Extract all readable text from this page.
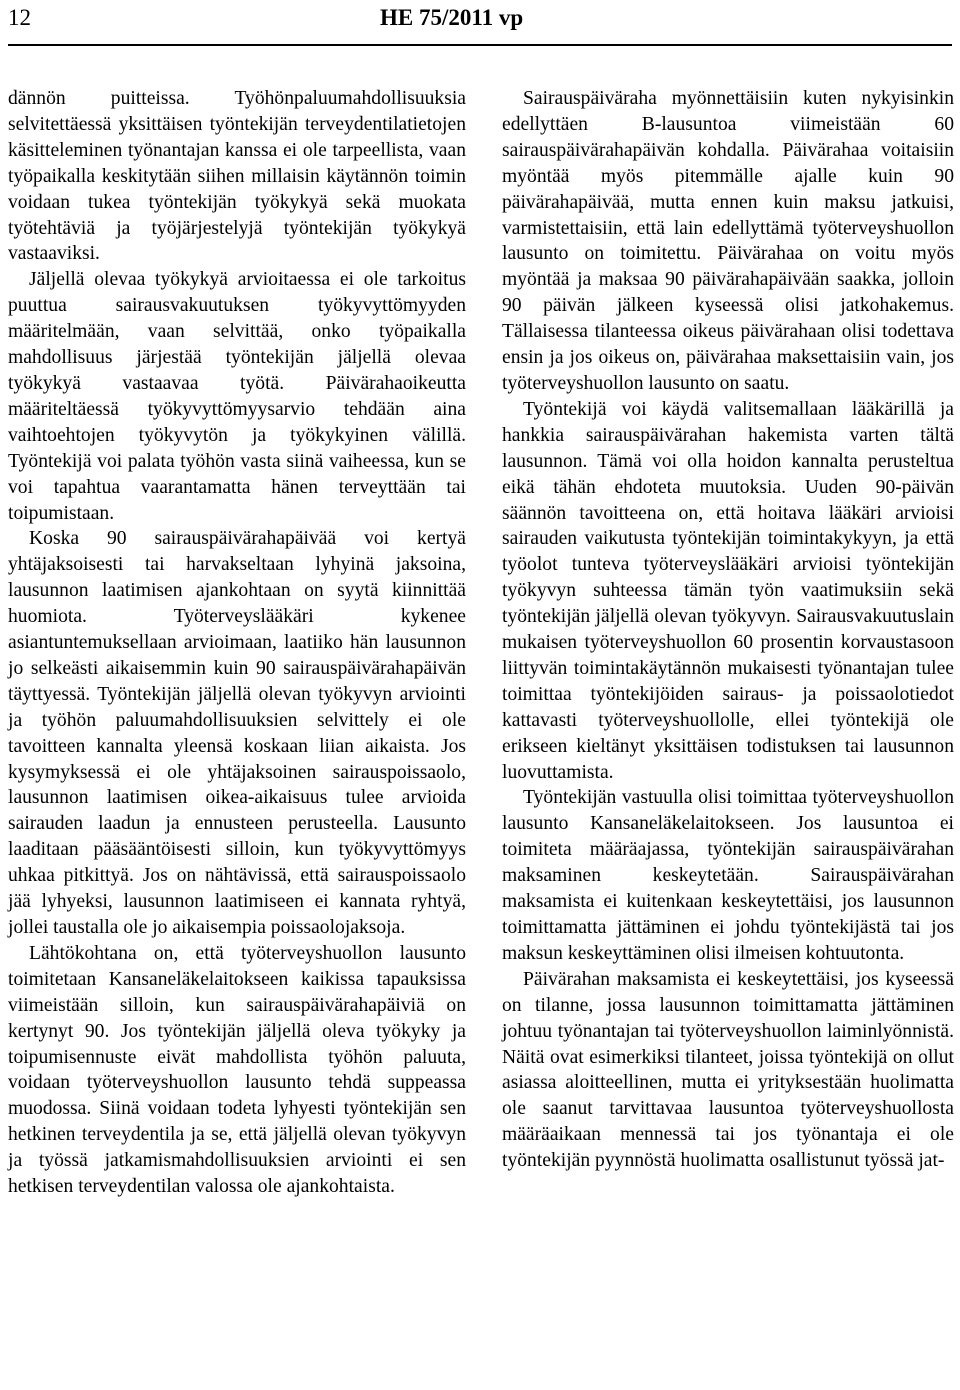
12	HE 75/2011 vp

dännön puitteissa. Työhönpaluumahdollisuuksia selvitettäessä yksittäisen työntekijän terveydentilatietojen käsitteleminen työnantajan kanssa ei ole tarpeellista, vaan työpaikalla keskitytään siihen millaisin käytännön toimin voidaan tukea työntekijän työkykyä sekä muokata työtehtäviä ja työjärjestelyjä työntekijän työkykyä vastaaviksi.

Jäljellä olevaa työkykyä arvioitaessa ei ole tarkoitus puuttua sairausvakuutuksen työkyvyttömyyden määritelmään, vaan selvittää, onko työpaikalla mahdollisuus järjestää työntekijän jäljellä olevaa työkykyä vastaavaa työtä. Päivärahaoikeutta määriteltäessä työkyvyttömyysarvio tehdään aina vaihtoehtojen työkyvytön ja työkykyinen välillä. Työntekijä voi palata työhön vasta siinä vaiheessa, kun se voi tapahtua vaarantamatta hänen terveyttään tai toipumistaan.

Koska 90 sairauspäivärahapäivää voi kertyä yhtäjaksoisesti tai harvakseltaan lyhyinä jaksoina, lausunnon laatimisen ajankohtaan on syytä kiinnittää huomiota. Työterveyslääkäri kykenee asiantuntemuksellaan arvioimaan, laatiiko hän lausunnon jo selkeästi aikaisemmin kuin 90 sairauspäivärahapäivän täyttyessä. Työntekijän jäljellä olevan työkyvyn arviointi ja työhön paluumahdollisuuksien selvittely ei ole tavoitteen kannalta yleensä koskaan liian aikaista. Jos kysymyksessä ei ole yhtäjaksoinen sairauspoissaolo, lausunnon laatimisen oikea-aikaisuus tulee arvioida sairauden laadun ja ennusteen perusteella. Lausunto laaditaan pääsääntöisesti silloin, kun työkyvyttömyys uhkaa pitkittyä. Jos on nähtävissä, että sairauspoissaolo jää lyhyeksi, lausunnon laatimiseen ei kannata ryhtyä, jollei taustalla ole jo aikaisempia poissaolojaksoja.

Lähtökohtana on, että työterveyshuollon lausunto toimitetaan Kansaneläkelaitokseen kaikissa tapauksissa viimeistään silloin, kun sairauspäivärahapäiviä on kertynyt 90. Jos työntekijän jäljellä oleva työkyky ja toipumisennuste eivät mahdollista työhön paluuta, voidaan työterveyshuollon lausunto tehdä suppeassa muodossa. Siinä voidaan todeta lyhyesti työntekijän sen hetkinen terveydentila ja se, että jäljellä olevan työkyvyn ja työssä jatkamismahdollisuuksien arviointi ei sen hetkisen terveydentilan valossa ole ajankohtaista.

Sairauspäiväraha myönnettäisiin kuten nykyisinkin edellyttäen B-lausuntoa viimeistään 60 sairauspäivärahapäivän kohdalla. Päivärahaa voitaisiin myöntää myös pitemmälle ajalle kuin 90 päivärahapäivää, mutta ennen kuin maksu jatkuisi, varmistettaisiin, että lain edellyttämä työterveyshuollon lausunto on toimitettu. Päivärahaa on voitu myös myöntää ja maksaa 90 päivärahapäivään saakka, jolloin 90 päivän jälkeen kyseessä olisi jatkohakemus. Tällaisessa tilanteessa oikeus päivärahaan olisi todettava ensin ja jos oikeus on, päivärahaa maksettaisiin vain, jos työterveyshuollon lausunto on saatu.

Työntekijä voi käydä valitsemallaan lääkärillä ja hankkia sairauspäivärahan hakemista varten tältä lausunnon. Tämä voi olla hoidon kannalta perusteltua eikä tähän ehdoteta muutoksia. Uuden 90-päivän säännön tavoitteena on, että hoitava lääkäri arvioisi sairauden vaikutusta työntekijän toimintakykyyn, ja että työolot tunteva työterveyslääkäri arvioisi työntekijän työkyvyn suhteessa tämän työn vaatimuksiin sekä työntekijän jäljellä olevan työkyvyn. Sairausvakuutuslain mukaisen työterveyshuollon 60 prosentin korvaustasoon liittyvän toimintakäytännön mukaisesti työnantajan tulee toimittaa työntekijöiden sairaus- ja poissaolotiedot kattavasti työterveyshuollolle, ellei työntekijä ole erikseen kieltänyt yksittäisen todistuksen tai lausunnon luovuttamista.

Työntekijän vastuulla olisi toimittaa työterveyshuollon lausunto Kansaneläkelaitokseen. Jos lausuntoa ei toimiteta määräajassa, työntekijän sairauspäivärahan maksaminen keskeytetään. Sairauspäivärahan maksamista ei kuitenkaan keskeytettäisi, jos lausunnon toimittamatta jättäminen ei johdu työntekijästä tai jos maksun keskeyttäminen olisi ilmeisen kohtuutonta.

Päivärahan maksamista ei keskeytettäisi, jos kyseessä on tilanne, jossa lausunnon toimittamatta jättäminen johtuu työnantajan tai työterveyshuollon laiminlyönnistä. Näitä ovat esimerkiksi tilanteet, joissa työntekijä on ollut asiassa aloitteellinen, mutta ei yrityksestään huolimatta ole saanut tarvittavaa lausuntoa työterveyshuollosta määräaikaan mennessä tai jos työnantaja ei ole työntekijän pyynnöstä huolimatta osallistunut työssä jat-
